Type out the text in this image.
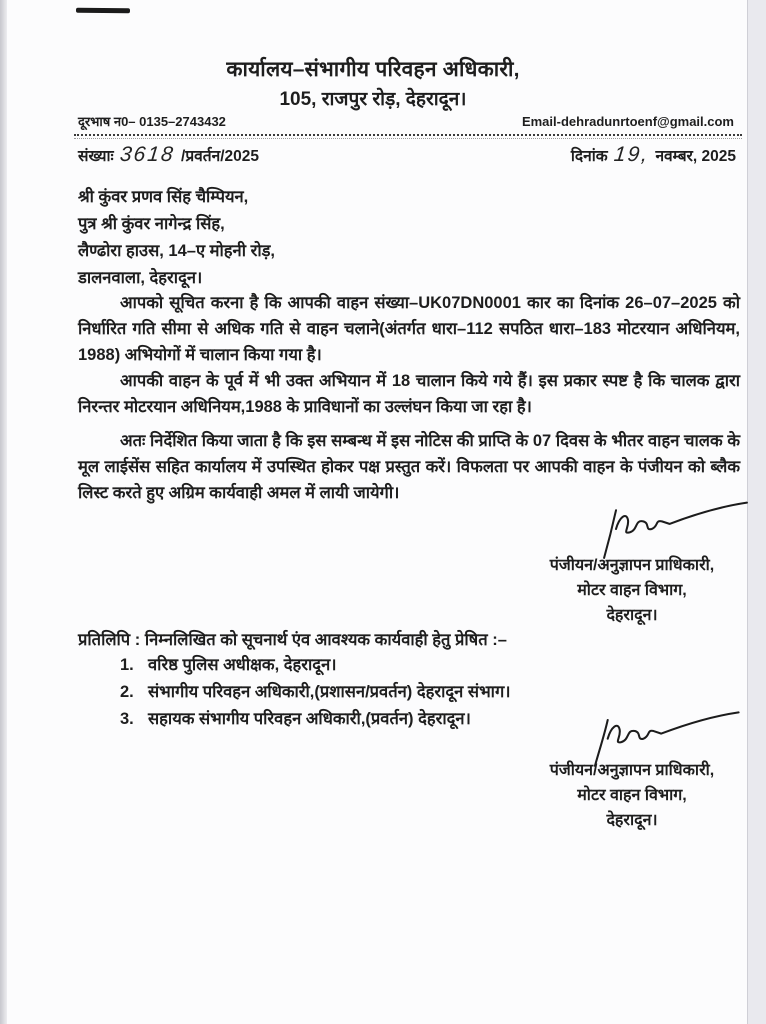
कार्यालय–संभागीय परिवहन अधिकारी,
105, राजपुर रोड़, देहरादून।
दूरभाष न0– 0135–2743432	Email-dehradunrtoenf@gmail.com
संख्याः 3618 /प्रवर्तन/2025	दिनांक 19, नवम्बर, 2025
श्री कुंवर प्रणव सिंह चैम्पियन,
पुत्र श्री कुंवर नागेन्द्र सिंह,
लैण्ढोरा हाउस, 14–ए मोहनी रोड़,
डालनवाला, देहरादून।
आपको सूचित करना है कि आपकी वाहन संख्या–UK07DN0001 कार का दिनांक 26–07–2025 को निर्धारित गति सीमा से अधिक गति से वाहन चलाने(अंतर्गत धारा–112 सपठित धारा–183 मोटरयान अधिनियम, 1988) अभियोगों में चालान किया गया है।
आपकी वाहन के पूर्व में भी उक्त अभियान में 18 चालान किये गये हैं। इस प्रकार स्पष्ट है कि चालक द्वारा निरन्तर मोटरयान अधिनियम,1988 के प्राविधानों का उल्लंघन किया जा रहा है।
अतः निर्देशित किया जाता है कि इस सम्बन्ध में इस नोटिस की प्राप्ति के 07 दिवस के भीतर वाहन चालक के मूल लाईसेंस सहित कार्यालय में उपस्थित होकर पक्ष प्रस्तुत करें। विफलता पर आपकी वाहन के पंजीयन को ब्लैक लिस्ट करते हुए अग्रिम कार्यवाही अमल में लायी जायेगी।
पंजीयन/अनुज्ञापन प्राधिकारी,
मोटर वाहन विभाग,
देहरादून।
प्रतिलिपि : निम्नलिखित को सूचनार्थ एंव आवश्यक कार्यवाही हेतु प्रेषित :–
1. वरिष्ठ पुलिस अधीक्षक, देहरादून।
2. संभागीय परिवहन अधिकारी,(प्रशासन/प्रवर्तन) देहरादून संभाग।
3. सहायक संभागीय परिवहन अधिकारी,(प्रवर्तन) देहरादून।
पंजीयन/अनुज्ञापन प्राधिकारी,
मोटर वाहन विभाग,
देहरादून।
